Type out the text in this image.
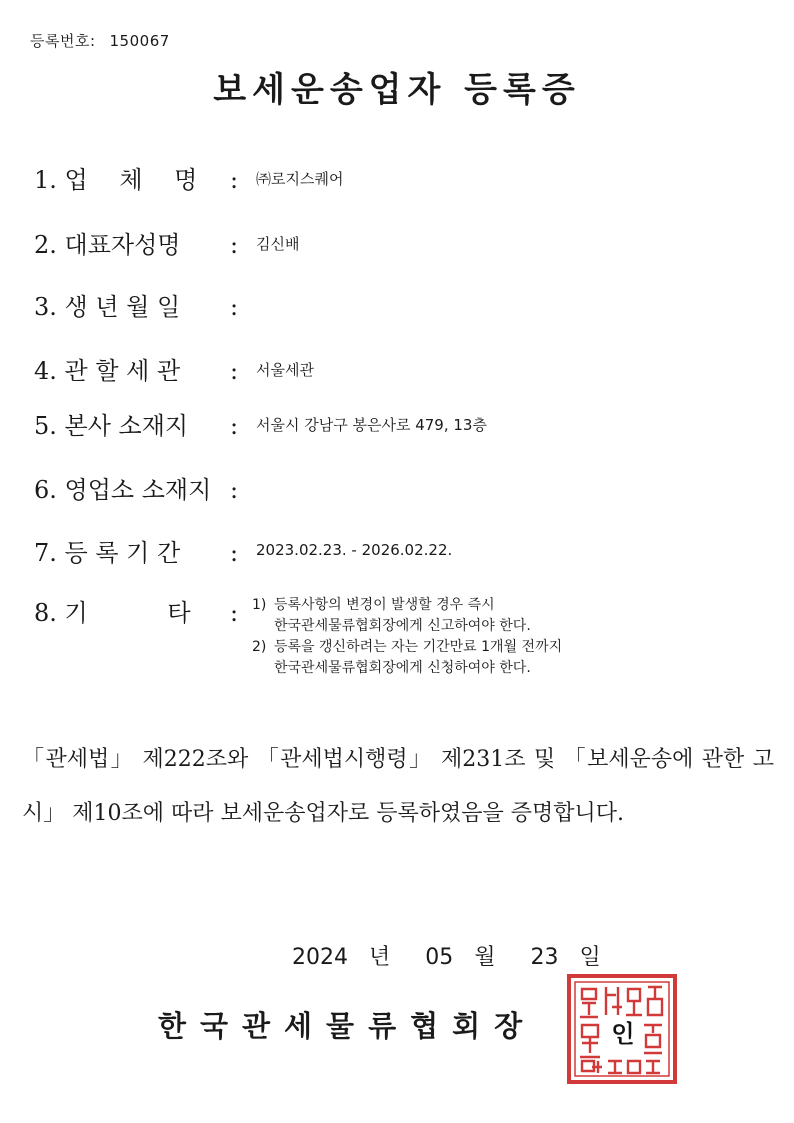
등록번호: 150067
보세운송업자 등록증
1. 업　 체　 명 :	㈜로지스퀘어
2. 대표자성명 :	김신배
3. 생 년 월 일 :
4. 관 할 세 관 :	서울세관
5. 본사 소재지 :	서울시 강남구 봉은사로 479, 13층
6. 영업소 소재지 :
7. 등 록 기 간 :	2023.02.23. - 2026.02.22.
8. 기　　　 타 : 1) 등록사항의 변경이 발생할 경우 즉시
한국관세물류협회장에게 신고하여야 한다.
2) 등록을 갱신하려는 자는 기간만료 1개월 전까지
한국관세물류협회장에게 신청하여야 한다.
「관세법」 제222조와 「관세법시행령」 제231조 및 「보세운송에 관한 고시」 제10조에 따라 보세운송업자로 등록하였음을 증명합니다.
2024 년 05 월 23 일
한국관세물류협회장	인
